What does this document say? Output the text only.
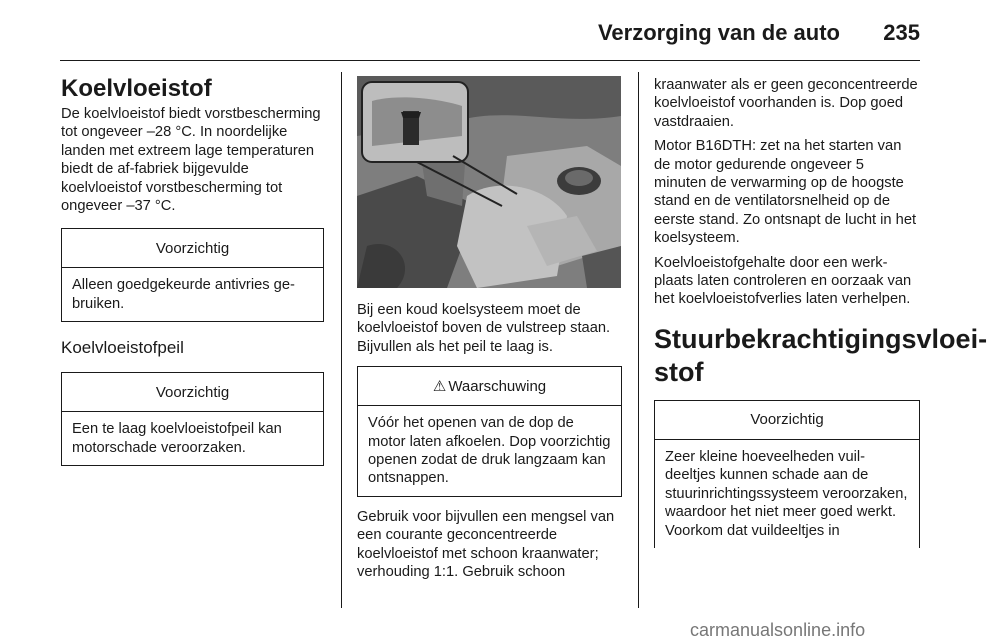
Verzorging van de auto 235
Koelvloeistof

De koelvloeistof biedt vorstbescherming tot ongeveer –28 °C. In noordelijke landen met extreem lage temperaturen biedt de af-fabriek bijgevulde koelvloeistof vorstbescherming tot ongeveer –37 °C.

Voorzichtig
Alleen goedgekeurde antivries gebruiken.
Koelvloeistofpeil
Voorzichtig
Een te laag koelvloeistofpeil kan motorschade veroorzaken.

Bij een koud koelsysteem moet de koelvloeistof boven de vulstreep staan. Bijvullen als het peil te laag is.

⚠ Waarschuwing
Vóór het openen van de dop de motor laten afkoelen. Dop voorzichtig openen zodat de druk langzaam kan ontsnappen.

Gebruik voor bijvullen een mengsel van een courante geconcentreerde koelvloeistof met schoon kraanwater; verhouding 1:1. Gebruik schoon

kraanwater als er geen geconcentreerde koelvloeistof voorhanden is. Dop goed vastdraaien.

Motor B16DTH: zet na het starten van de motor gedurende ongeveer 5 minuten de verwarming op de hoogste stand en de ventilatorsnelheid op de eerste stand. Zo ontsnapt de lucht in het koelsysteem.

Koelvloeistofgehalte door een werkplaats laten controleren en oorzaak van het koelvloeistofverlies laten verhelpen.

Stuurbekrachtigingsvloeistof
Voorzichtig
Zeer kleine hoeveelheden vuildeeltjes kunnen schade aan de stuurinrichtingssysteem veroorzaken, waardoor het niet meer goed werkt. Voorkom dat vuildeeltjes in
carmanualsonline.info
